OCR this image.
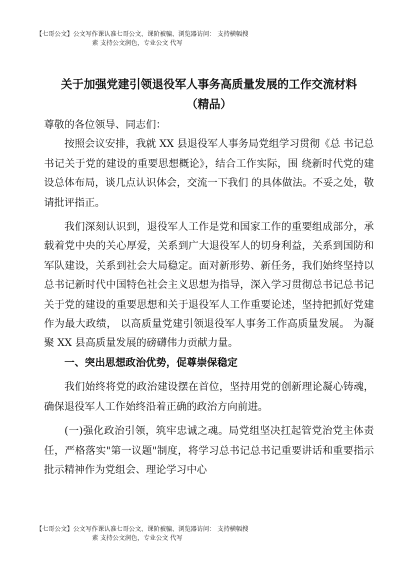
【七哥公文】公文写作课认准七哥公文、课阶被骗、浏览器访问： 支持横幅搜
素 支持公文润色，专业公文 代写
关于加强党建引领退役军人事务高质量发展的工作交流材料
（精品）

尊敬的各位领导、同志们：

按照会议安排，我就 XX 县退役军人事务局党组学习贯彻《总 书记总书记关于党的建设的重要思想概论》，结合工作实际，围 绕新时代党的建设总体布局，谈几点认识体会，交流一下我们 的具体做法。不妥之处，敬请批评指正。

我们深刻认识到，退役军人工作是党和国家工作的重要组成部分，承载着党中央的关心厚爱，关系到广大退役军人的切身利益，关系到国防和军队建设，关系到社会大局稳定。面对新形势、新任务，我们始终坚持以总书记新时代中国特色社会主义思想为指导，深入学习贯彻总书记总书记关于党的建设的重要思想和关于退役军人工作重要论述，坚持把抓好党建作为最大政绩， 以高质量党建引领退役军人事务工作高质量发展。 为凝聚 XX 县高质量发展的磅礴伟力贡献力量。

一、突出思想政治优势，促尊崇保稳定

我们始终将党的政治建设摆在首位，坚持用党的创新理论凝心铸魂，确保退役军人工作始终沿着正确的政治方向前进。

(一)强化政治引领，筑牢忠诚之魂。局党组坚决扛起管党治党主体责任，严格落实"第一议题"制度，将学习总书记总书记重要讲话和重要指示批示精神作为党组会、理论学习中心

【七哥公文】公文写作课认准七哥公文、课阶被骗、浏览器访问： 支持横幅搜
素 支持公文润色，专业公文 代写
